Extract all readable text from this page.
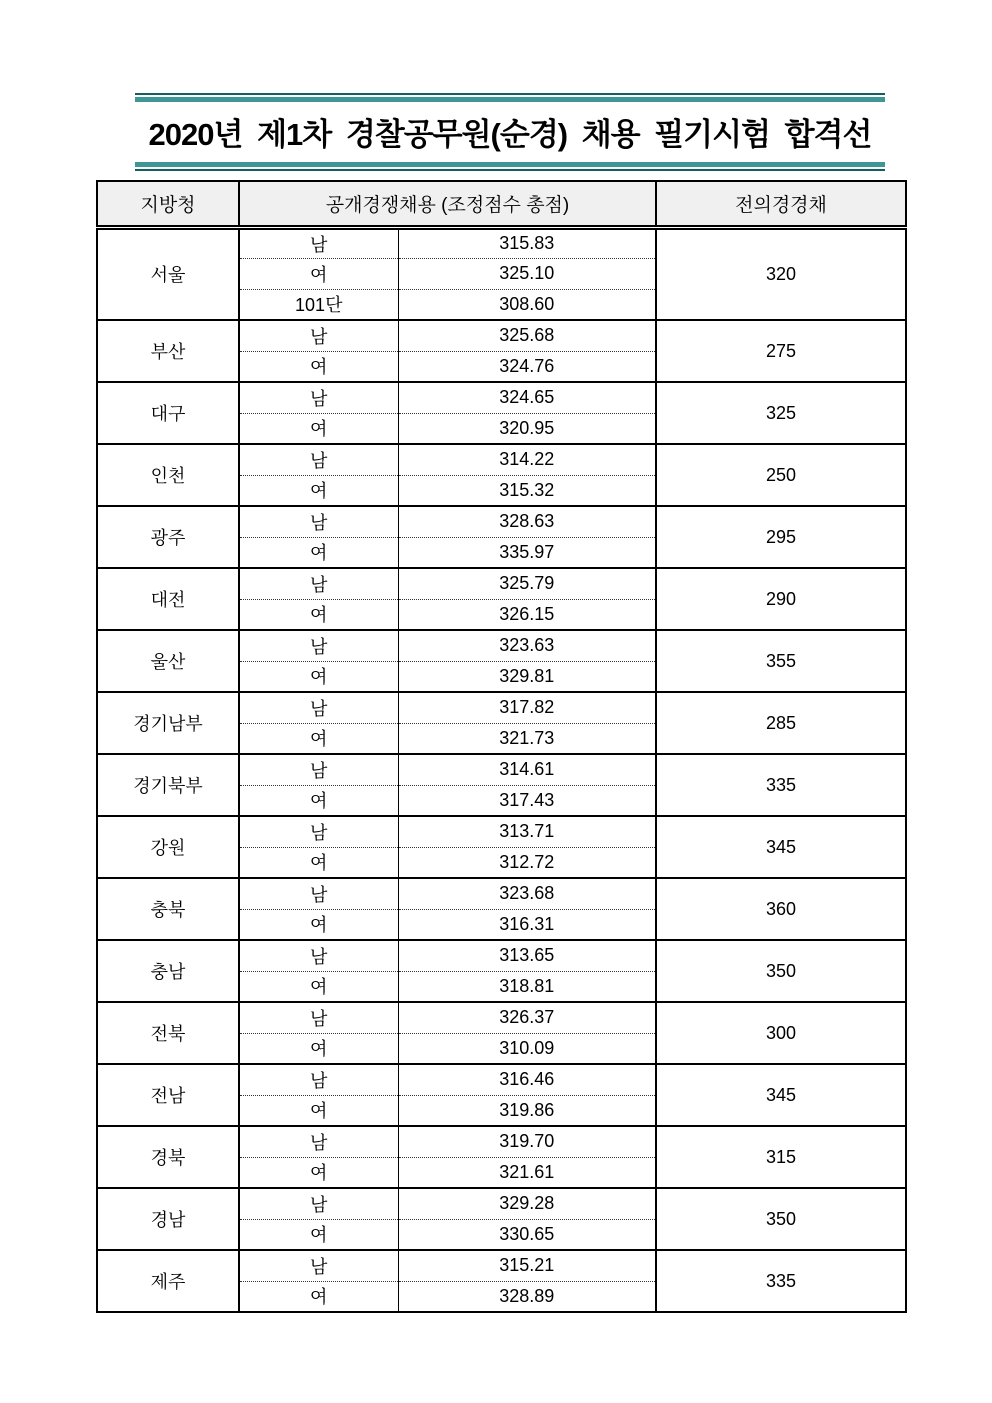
2020년 제1차 경찰공무원(순경) 채용 필기시험 합격선
지방청	공개경쟁채용 (조정점수 총점)		전의경경채
서울	남	315.83	320
	여	325.10	
	101단	308.60	
부산	남	325.68	275
	여	324.76	
대구	남	324.65	325
	여	320.95	
인천	남	314.22	250
	여	315.32	
광주	남	328.63	295
	여	335.97	
대전	남	325.79	290
	여	326.15	
울산	남	323.63	355
	여	329.81	
경기남부	남	317.82	285
	여	321.73	
경기북부	남	314.61	335
	여	317.43	
강원	남	313.71	345
	여	312.72	
충북	남	323.68	360
	여	316.31	
충남	남	313.65	350
	여	318.81	
전북	남	326.37	300
	여	310.09	
전남	남	316.46	345
	여	319.86	
경북	남	319.70	315
	여	321.61	
경남	남	329.28	350
	여	330.65	
제주	남	315.21	335
	여	328.89	
